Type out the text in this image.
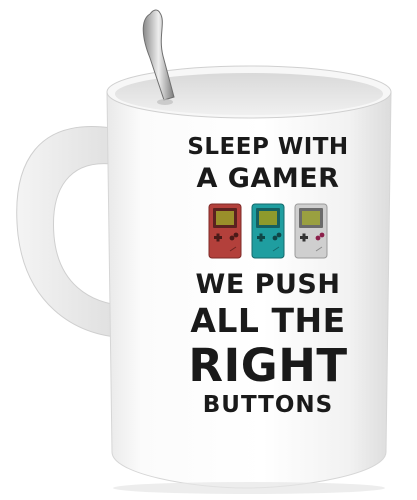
SLEEP WITH
A GAMER
WE PUSH
ALL THE
RIGHT
BUTTONS
